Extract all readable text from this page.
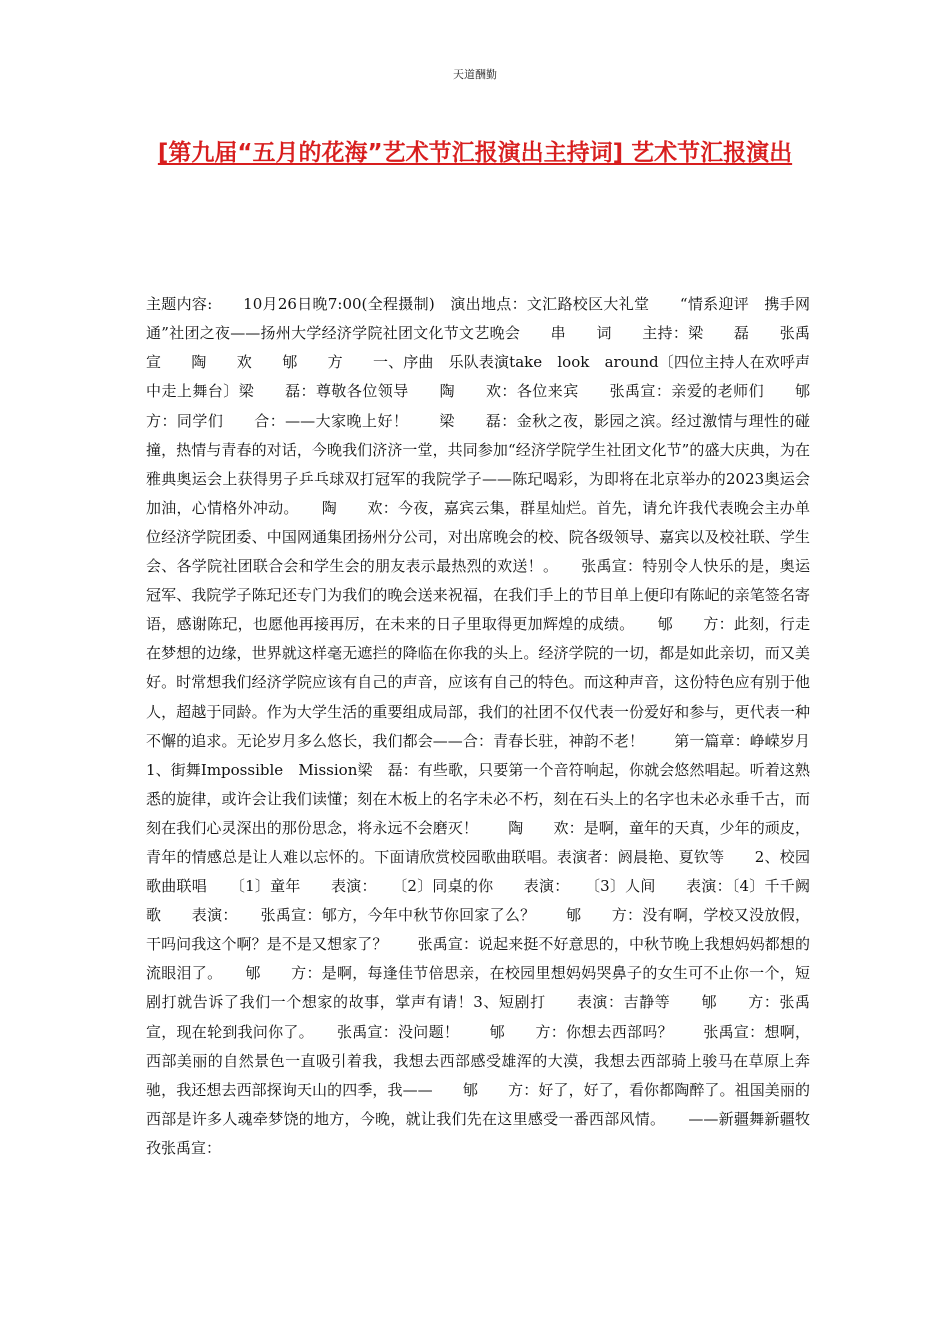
天道酬勤
[第九届“五月的花海”艺术节汇报演出主持词] 艺术节汇报演出

主题内容:　　10月26日晚7:00(全程摄制)　演出地点：文汇路校区大礼堂　　“情系迎评　携手网通”社团之夜——扬州大学经济学院社团文化节文艺晚会　　串　　词　　主持：梁　　磊　　张禹宣　　陶　　欢　　郇　　方　　一、序曲　乐队表演take　look　around〔四位主持人在欢呼声中走上舞台〕梁　　磊：尊敬各位领导　　陶　　欢：各位来宾　　张禹宣：亲爱的老师们　　郇　　方：同学们　　合：——大家晚上好！　　梁　　磊：金秋之夜，影园之滨。经过激情与理性的碰撞，热情与青春的对话，今晚我们济济一堂，共同参加“经济学院学生社团文化节”的盛大庆典，为在雅典奥运会上获得男子乒乓球双打冠军的我院学子——陈玘喝彩，为即将在北京举办的2023奥运会加油，心情格外冲动。　　陶　　欢：今夜，嘉宾云集，群星灿烂。首先，请允许我代表晚会主办单位经济学院团委、中国网通集团扬州分公司，对出席晚会的校、院各级领导、嘉宾以及校社联、学生会、各学院社团联合会和学生会的朋友表示最热烈的欢送！。　　张禹宣：特别令人快乐的是，奥运冠军、我院学子陈玘还专门为我们的晚会送来祝福，在我们手上的节目单上便印有陈屺的亲笔签名寄语，感谢陈玘，也愿他再接再厉，在未来的日子里取得更加辉煌的成绩。　　郇　　方：此刻，行走在梦想的边缘，世界就这样毫无遮拦的降临在你我的头上。经济学院的一切，都是如此亲切，而又美好。时常想我们经济学院应该有自己的声音，应该有自己的特色。而这种声音，这份特色应有别于他人，超越于同龄。作为大学生活的重要组成局部，我们的社团不仅代表一份爱好和参与，更代表一种不懈的追求。无论岁月多么悠长，我们都会——合：青春长驻，神韵不老！　　第一篇章：峥嵘岁月　　1、街舞Impossible　Mission梁　磊：有些歌，只要第一个音符响起，你就会悠然唱起。听着这熟悉的旋律，或许会让我们读懂；刻在木板上的名字未必不朽，刻在石头上的名字也未必永垂千古，而刻在我们心灵深出的那份思念，将永远不会磨灭！　　陶　　欢：是啊，童年的天真，少年的顽皮，青年的情感总是让人难以忘怀的。下面请欣赏校园歌曲联唱。表演者：阏晨艳、夏钦等　　2、校园歌曲联唱　　〔1〕童年　　表演：　　〔2〕同桌的你　　表演：　　〔3〕人间　　表演：〔4〕千千阙歌　　表演：　　张禹宣：郇方，今年中秋节你回家了么？　　郇　　方：没有啊，学校又没放假，干吗问我这个啊？是不是又想家了？　　张禹宣：说起来挺不好意思的，中秋节晚上我想妈妈都想的流眼泪了。　　郇　　方：是啊，每逢佳节倍思亲，在校园里想妈妈哭鼻子的女生可不止你一个，短剧打就告诉了我们一个想家的故事，掌声有请！3、短剧打　　表演：吉静等　　郇　　方：张禹宣，现在轮到我问你了。　　张禹宣：没问题！　　郇　　方：你想去西部吗？　　张禹宣：想啊，西部美丽的自然景色一直吸引着我，我想去西部感受雄浑的大漠，我想去西部骑上骏马在草原上奔驰，我还想去西部探询天山的四季，我——　　郇　　方：好了，好了，看你都陶醉了。祖国美丽的西部是许多人魂牵梦饶的地方，今晚，就让我们先在这里感受一番西部风情。　　——新疆舞新疆牧孜张禹宣：
